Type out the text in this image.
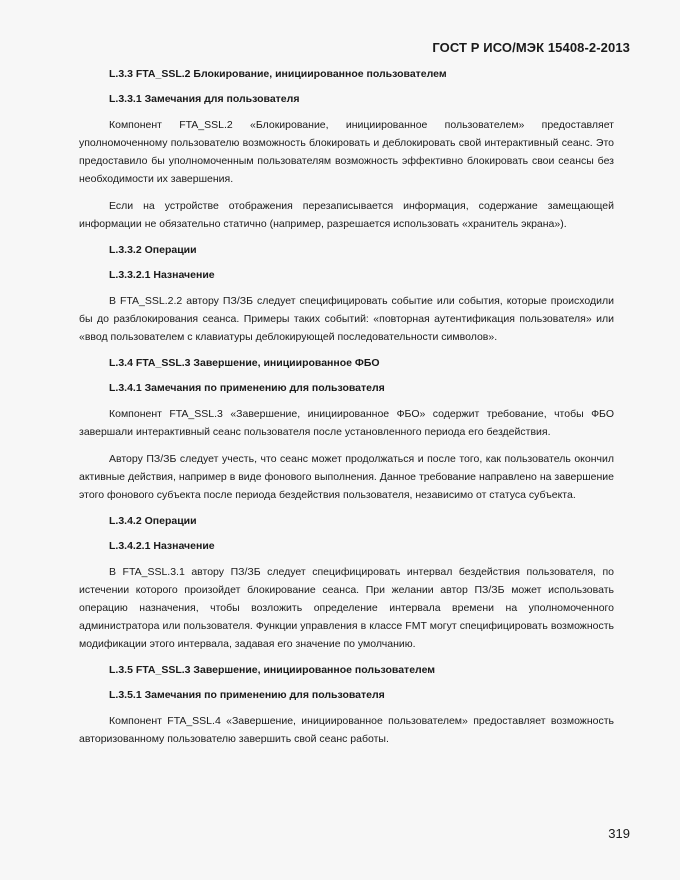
ГОСТ Р ИСО/МЭК 15408-2-2013
L.3.3 FTA_SSL.2 Блокирование, инициированное пользователем
L.3.3.1 Замечания для пользователя

Компонент FTA_SSL.2 «Блокирование, инициированное пользователем» предоставляет уполномоченному пользователю возможность блокировать и деблокировать свой интерактивный сеанс. Это предоставило бы уполномоченным пользователям возможность эффективно блокировать свои сеансы без необходимости их завершения.

Если на устройстве отображения перезаписывается информация, содержание замещающей информации не обязательно статично (например, разрешается использовать «хранитель экрана»).

L.3.3.2 Операции
L.3.3.2.1 Назначение

В FTA_SSL.2.2 автору ПЗ/ЗБ следует специфицировать событие или события, которые происходили бы до разблокирования сеанса. Примеры таких событий: «повторная аутентификация пользователя» или «ввод пользователем с клавиатуры деблокирующей последовательности символов».

L.3.4 FTA_SSL.3 Завершение, инициированное ФБО
L.3.4.1 Замечания по применению для пользователя

Компонент FTA_SSL.3 «Завершение, инициированное ФБО» содержит требование, чтобы ФБО завершали интерактивный сеанс пользователя после установленного периода его бездействия.

Автору ПЗ/ЗБ следует учесть, что сеанс может продолжаться и после того, как пользователь окончил активные действия, например в виде фонового выполнения. Данное требование направлено на завершение этого фонового субъекта после периода бездействия пользователя, независимо от статуса субъекта.

L.3.4.2 Операции
L.3.4.2.1 Назначение

В FTA_SSL.3.1 автору ПЗ/ЗБ следует специфицировать интервал бездействия пользователя, по истечении которого произойдет блокирование сеанса. При желании автор ПЗ/ЗБ может использовать операцию назначения, чтобы возложить определение интервала времени на уполномоченного администратора или пользователя. Функции управления в классе FMT могут специфицировать возможность модификации этого интервала, задавая его значение по умолчанию.

L.3.5 FTA_SSL.3 Завершение, инициированное пользователем
L.3.5.1 Замечания по применению для пользователя

Компонент FTA_SSL.4 «Завершение, инициированное пользователем» предоставляет возможность авторизованному пользователю завершить свой сеанс работы.

319
